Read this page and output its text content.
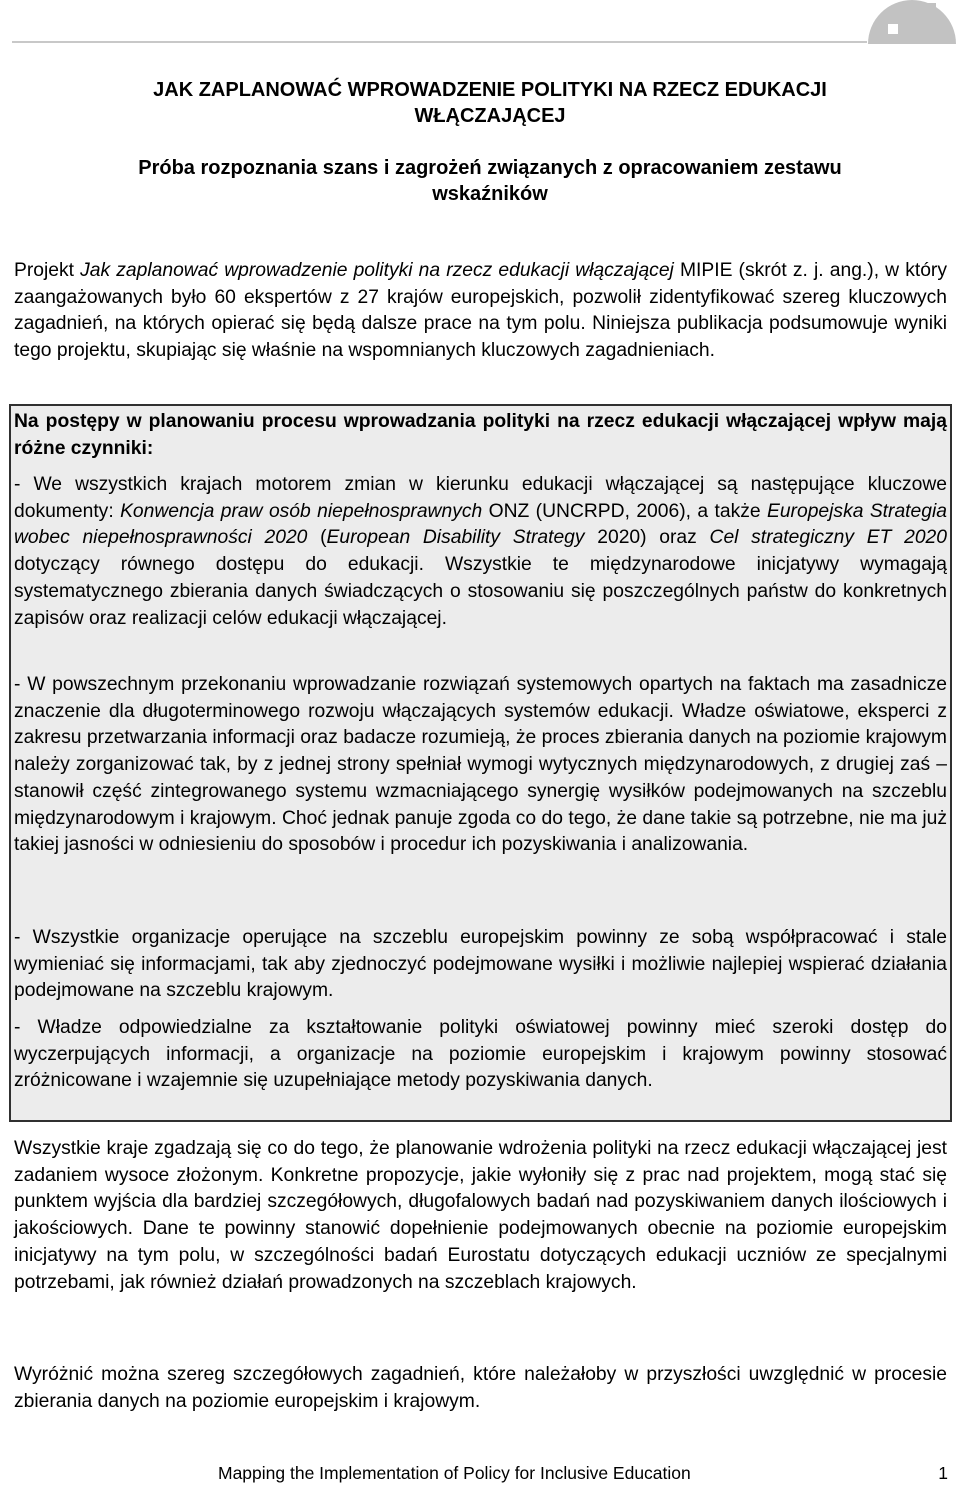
JAK ZAPLANOWAĆ WPROWADZENIE POLITYKI NA RZECZ EDUKACJI
WŁĄCZAJĄCEJ
Próba rozpoznania szans i zagrożeń związanych z opracowaniem zestawu
wskaźników

Projekt Jak zaplanować wprowadzenie polityki na rzecz edukacji włączającej MIPIE (skrót z. j. ang.), w który zaangażowanych było 60 ekspertów z 27 krajów europejskich, pozwolił zidentyfikować szereg kluczowych zagadnień, na których opierać się będą dalsze prace na tym polu. Niniejsza publikacja podsumowuje wyniki tego projektu, skupiając się właśnie na wspomnianych kluczowych zagadnieniach.

Na postępy w planowaniu procesu wprowadzania polityki na rzecz edukacji włączającej wpływ mają różne czynniki:

- We wszystkich krajach motorem zmian w kierunku edukacji włączającej są następujące kluczowe dokumenty: Konwencja praw osób niepełnosprawnych ONZ (UNCRPD, 2006), a także Europejska Strategia wobec niepełnosprawności 2020 (European Disability Strategy 2020) oraz Cel strategiczny ET 2020 dotyczący równego dostępu do edukacji. Wszystkie te międzynarodowe inicjatywy wymagają systematycznego zbierania danych świadczących o stosowaniu się poszczególnych państw do konkretnych zapisów oraz realizacji celów edukacji włączającej.

- W powszechnym przekonaniu wprowadzanie rozwiązań systemowych opartych na faktach ma zasadnicze znaczenie dla długoterminowego rozwoju włączających systemów edukacji. Władze oświatowe, eksperci z zakresu przetwarzania informacji oraz badacze rozumieją, że proces zbierania danych na poziomie krajowym należy zorganizować tak, by z jednej strony spełniał wymogi wytycznych międzynarodowych, z drugiej zaś – stanowił część zintegrowanego systemu wzmacniającego synergię wysiłków podejmowanych na szczeblu międzynarodowym i krajowym. Choć jednak panuje zgoda co do tego, że dane takie są potrzebne, nie ma już takiej jasności w odniesieniu do sposobów i procedur ich pozyskiwania i analizowania.

- Wszystkie organizacje operujące na szczeblu europejskim powinny ze sobą współpracować i stale wymieniać się informacjami, tak aby zjednoczyć podejmowane wysiłki i możliwie najlepiej wspierać działania podejmowane na szczeblu krajowym.

- Władze odpowiedzialne za kształtowanie polityki oświatowej powinny mieć szeroki dostęp do wyczerpujących informacji, a organizacje na poziomie europejskim i krajowym powinny stosować zróżnicowane i wzajemnie się uzupełniające metody pozyskiwania danych.

Wszystkie kraje zgadzają się co do tego, że planowanie wdrożenia polityki na rzecz edukacji włączającej jest zadaniem wysoce złożonym. Konkretne propozycje, jakie wyłoniły się z prac nad projektem, mogą stać się punktem wyjścia dla bardziej szczegółowych, długofalowych badań nad pozyskiwaniem danych ilościowych i jakościowych. Dane te powinny stanowić dopełnienie podejmowanych obecnie na poziomie europejskim inicjatywy na tym polu, w szczególności badań Eurostatu dotyczących edukacji uczniów ze specjalnymi potrzebami, jak również działań prowadzonych na szczeblach krajowych.

Wyróżnić można szereg szczegółowych zagadnień, które należałoby w przyszłości uwzględnić w procesie zbierania danych na poziomie europejskim i krajowym.

Mapping the Implementation of Policy for Inclusive Education	1
